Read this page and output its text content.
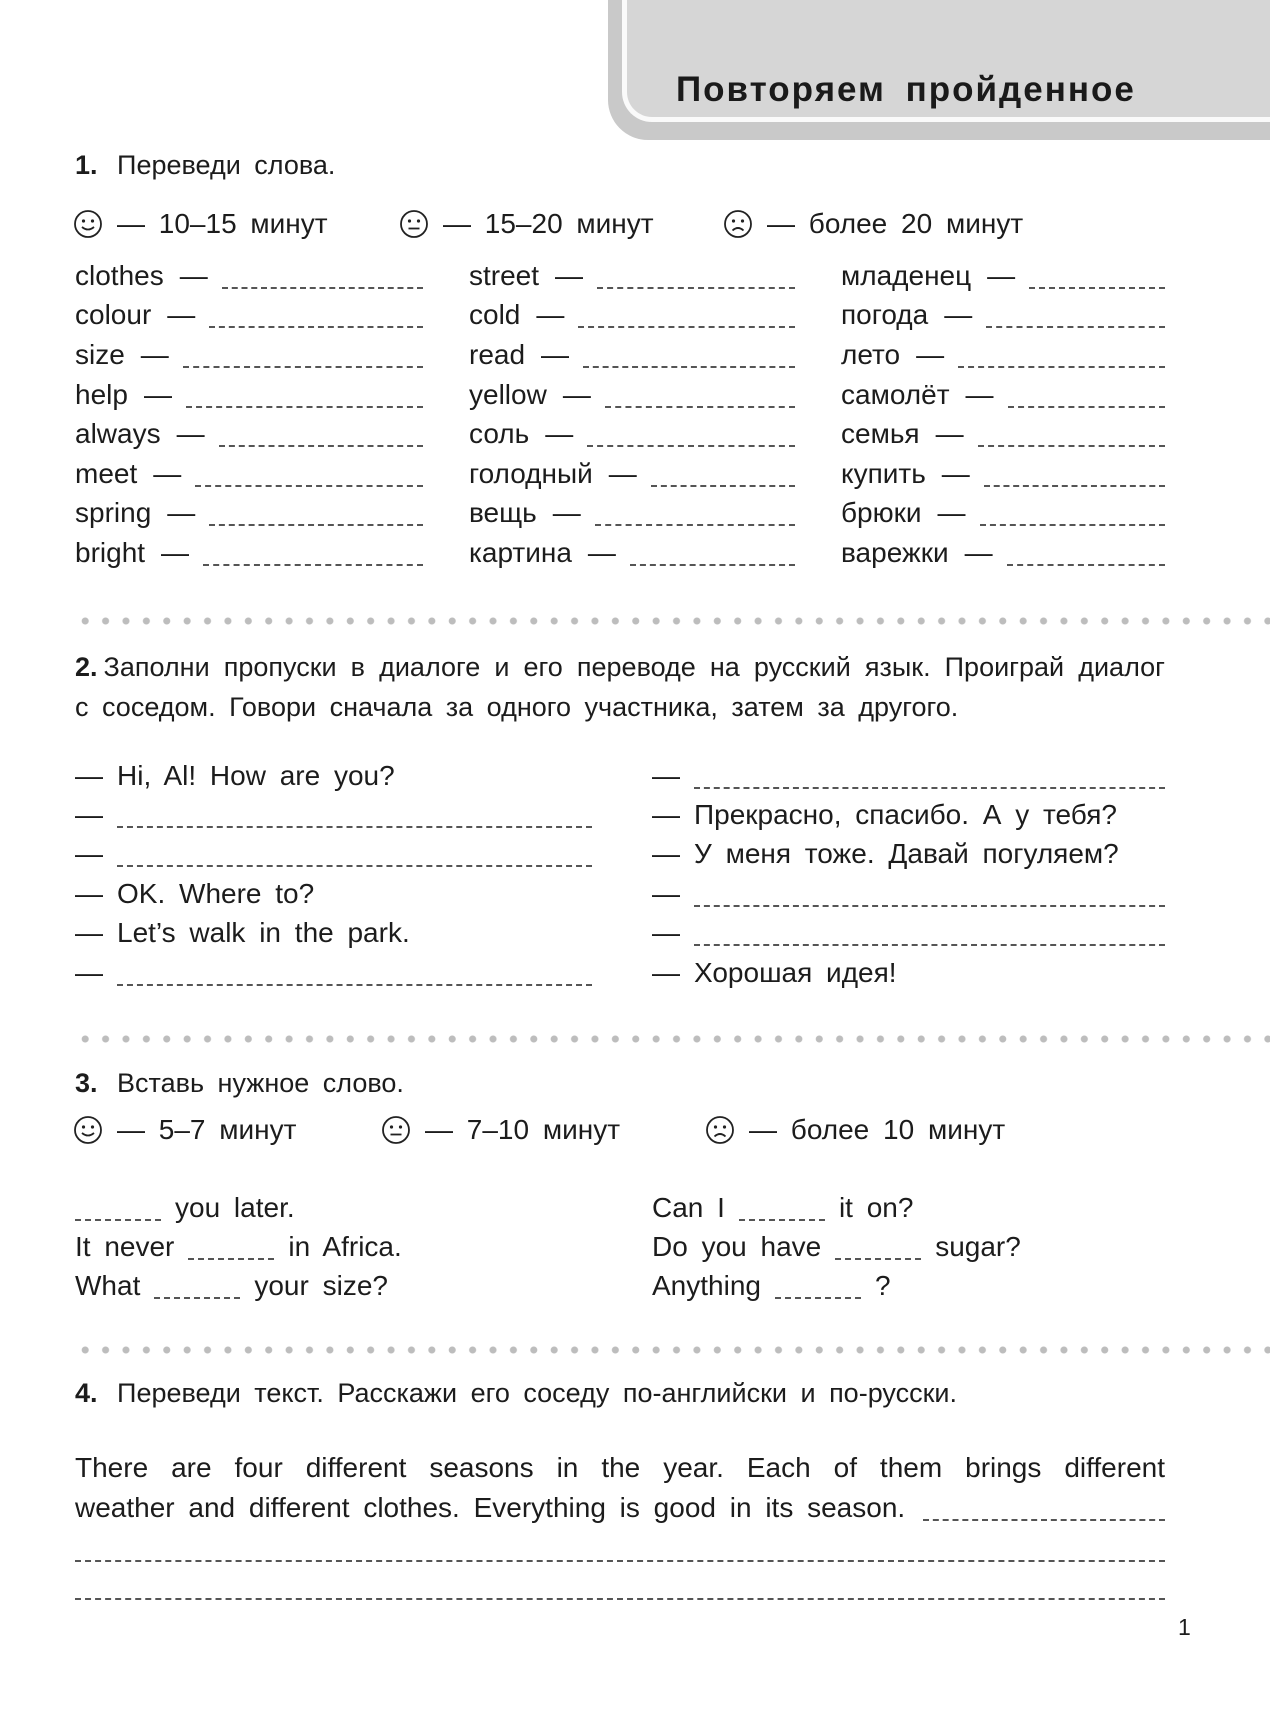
Повторяем пройденное
1. Переведи слова.
— 10–15 минут	— 15–20 минут	— более 20 минут
clothes —
colour —
size —
help —
always —
meet —
spring —
bright —
street —
cold —
read —
yellow —
соль —
голодный —
вещь —
картина —
младенец —
погода —
лето —
самолёт —
семья —
купить —
брюки —
варежки —
2. Заполни пропуски в диалоге и его переводе на русский язык. Проиграй диалог с соседом. Говори сначала за одного участника, затем за другого.
— Hi, Al! How are you?
—
—
— OK. Where to?
— Let’s walk in the park.
—
—
— Прекрасно, спасибо. А у тебя?
— У меня тоже. Давай погуляем?
—
—
— Хорошая идея!
3. Вставь нужное слово.
— 5–7 минут	— 7–10 минут	— более 10 минут
you later.
It never	in Africa.
What	your size?
Can I	it on?
Do you have	sugar?
Anything	?
4. Переведи текст. Расскажи его соседу по-английски и по-русски.
There are four different seasons in the year. Each of them brings different
weather and different clothes. Everything is good in its season.
1
